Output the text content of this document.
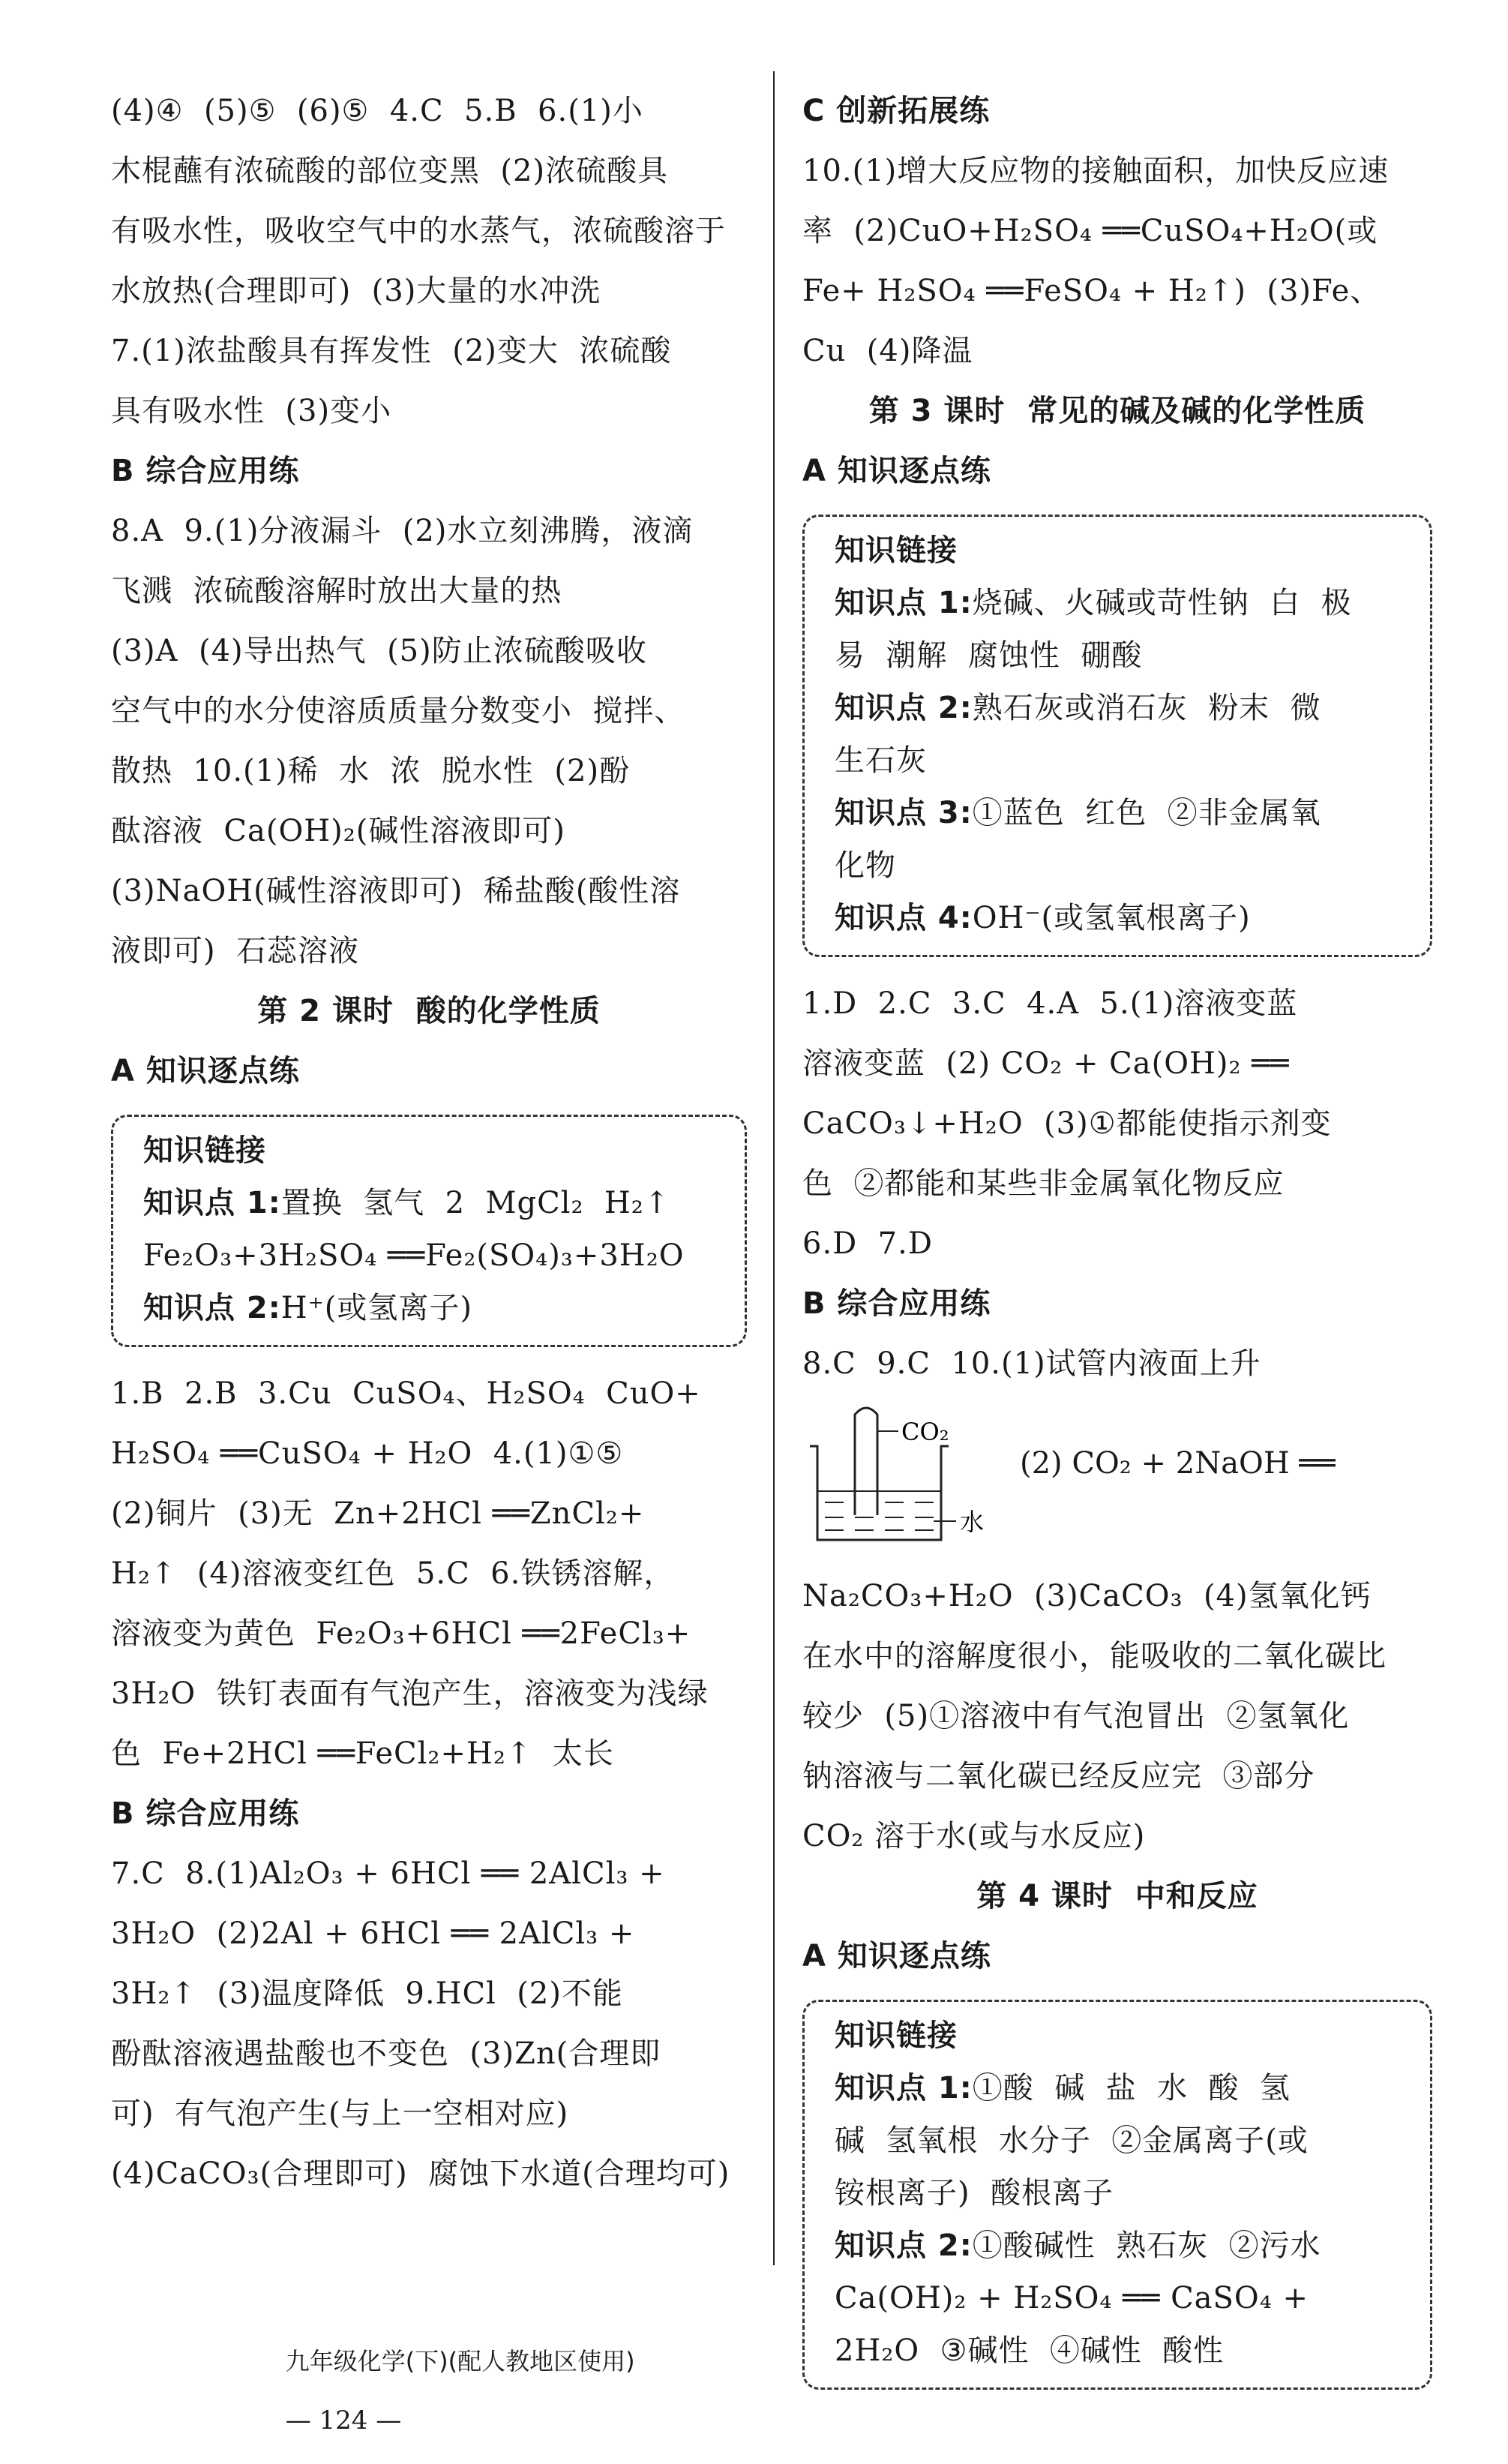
(4)④  (5)⑤  (6)⑤  4.C  5.B  6.(1)小

木棍蘸有浓硫酸的部位变黑  (2)浓硫酸具

有吸水性，吸收空气中的水蒸气，浓硫酸溶于

水放热(合理即可)  (3)大量的水冲洗

7.(1)浓盐酸具有挥发性  (2)变大  浓硫酸

具有吸水性  (3)变小

B 综合应用练

8.A  9.(1)分液漏斗  (2)水立刻沸腾，液滴

飞溅  浓硫酸溶解时放出大量的热

(3)A  (4)导出热气  (5)防止浓硫酸吸收

空气中的水分使溶质质量分数变小  搅拌、

散热  10.(1)稀  水  浓  脱水性  (2)酚

酞溶液  Ca(OH)₂(碱性溶液即可)

(3)NaOH(碱性溶液即可)  稀盐酸(酸性溶

液即可)  石蕊溶液

第 2 课时  酸的化学性质

A 知识逐点练

知识链接

知识点 1:置换  氢气  2  MgCl₂  H₂↑

Fe₂O₃+3H₂SO₄ ══Fe₂(SO₄)₃+3H₂O

知识点 2:H⁺(或氢离子)

1.B  2.B  3.Cu  CuSO₄、H₂SO₄  CuO+

H₂SO₄ ══CuSO₄ + H₂O  4.(1)①⑤

(2)铜片  (3)无  Zn+2HCl ══ZnCl₂+

H₂↑  (4)溶液变红色  5.C  6.铁锈溶解，

溶液变为黄色  Fe₂O₃+6HCl ══2FeCl₃+

3H₂O  铁钉表面有气泡产生，溶液变为浅绿

色  Fe+2HCl ══FeCl₂+H₂↑  太长

B 综合应用练

7.C  8.(1)Al₂O₃ + 6HCl ══ 2AlCl₃ +

3H₂O  (2)2Al + 6HCl ══ 2AlCl₃ +

3H₂↑  (3)温度降低  9.HCl  (2)不能

酚酞溶液遇盐酸也不变色  (3)Zn(合理即

可)  有气泡产生(与上一空相对应)

(4)CaCO₃(合理即可)  腐蚀下水道(合理均可)

C 创新拓展练

10.(1)增大反应物的接触面积，加快反应速

率  (2)CuO+H₂SO₄ ══CuSO₄+H₂O(或

Fe+ H₂SO₄ ══FeSO₄ + H₂↑)  (3)Fe、

Cu  (4)降温

第 3 课时  常见的碱及碱的化学性质

A 知识逐点练

知识链接

知识点 1:烧碱、火碱或苛性钠  白  极

易  潮解  腐蚀性  硼酸

知识点 2:熟石灰或消石灰  粉末  微

生石灰

知识点 3:①蓝色  红色  ②非金属氧

化物

知识点 4:OH⁻(或氢氧根离子)

1.D  2.C  3.C  4.A  5.(1)溶液变蓝

溶液变蓝  (2) CO₂ + Ca(OH)₂ ══

CaCO₃↓+H₂O  (3)①都能使指示剂变

色  ②都能和某些非金属氧化物反应

6.D  7.D

B 综合应用练

8.C  9.C  10.(1)试管内液面上升

CO₂
水
(2) CO₂ + 2NaOH ══

Na₂CO₃+H₂O  (3)CaCO₃  (4)氢氧化钙

在水中的溶解度很小，能吸收的二氧化碳比

较少  (5)①溶液中有气泡冒出  ②氢氧化

钠溶液与二氧化碳已经反应完  ③部分

CO₂ 溶于水(或与水反应)

第 4 课时  中和反应

A 知识逐点练

知识链接

知识点 1:①酸  碱  盐  水  酸  氢

碱  氢氧根  水分子  ②金属离子(或

铵根离子)  酸根离子

知识点 2:①酸碱性  熟石灰  ②污水

Ca(OH)₂ + H₂SO₄ ══ CaSO₄ +

2H₂O  ③碱性  ④碱性  酸性

九年级化学(下)(配人教地区使用)

— 124 —
